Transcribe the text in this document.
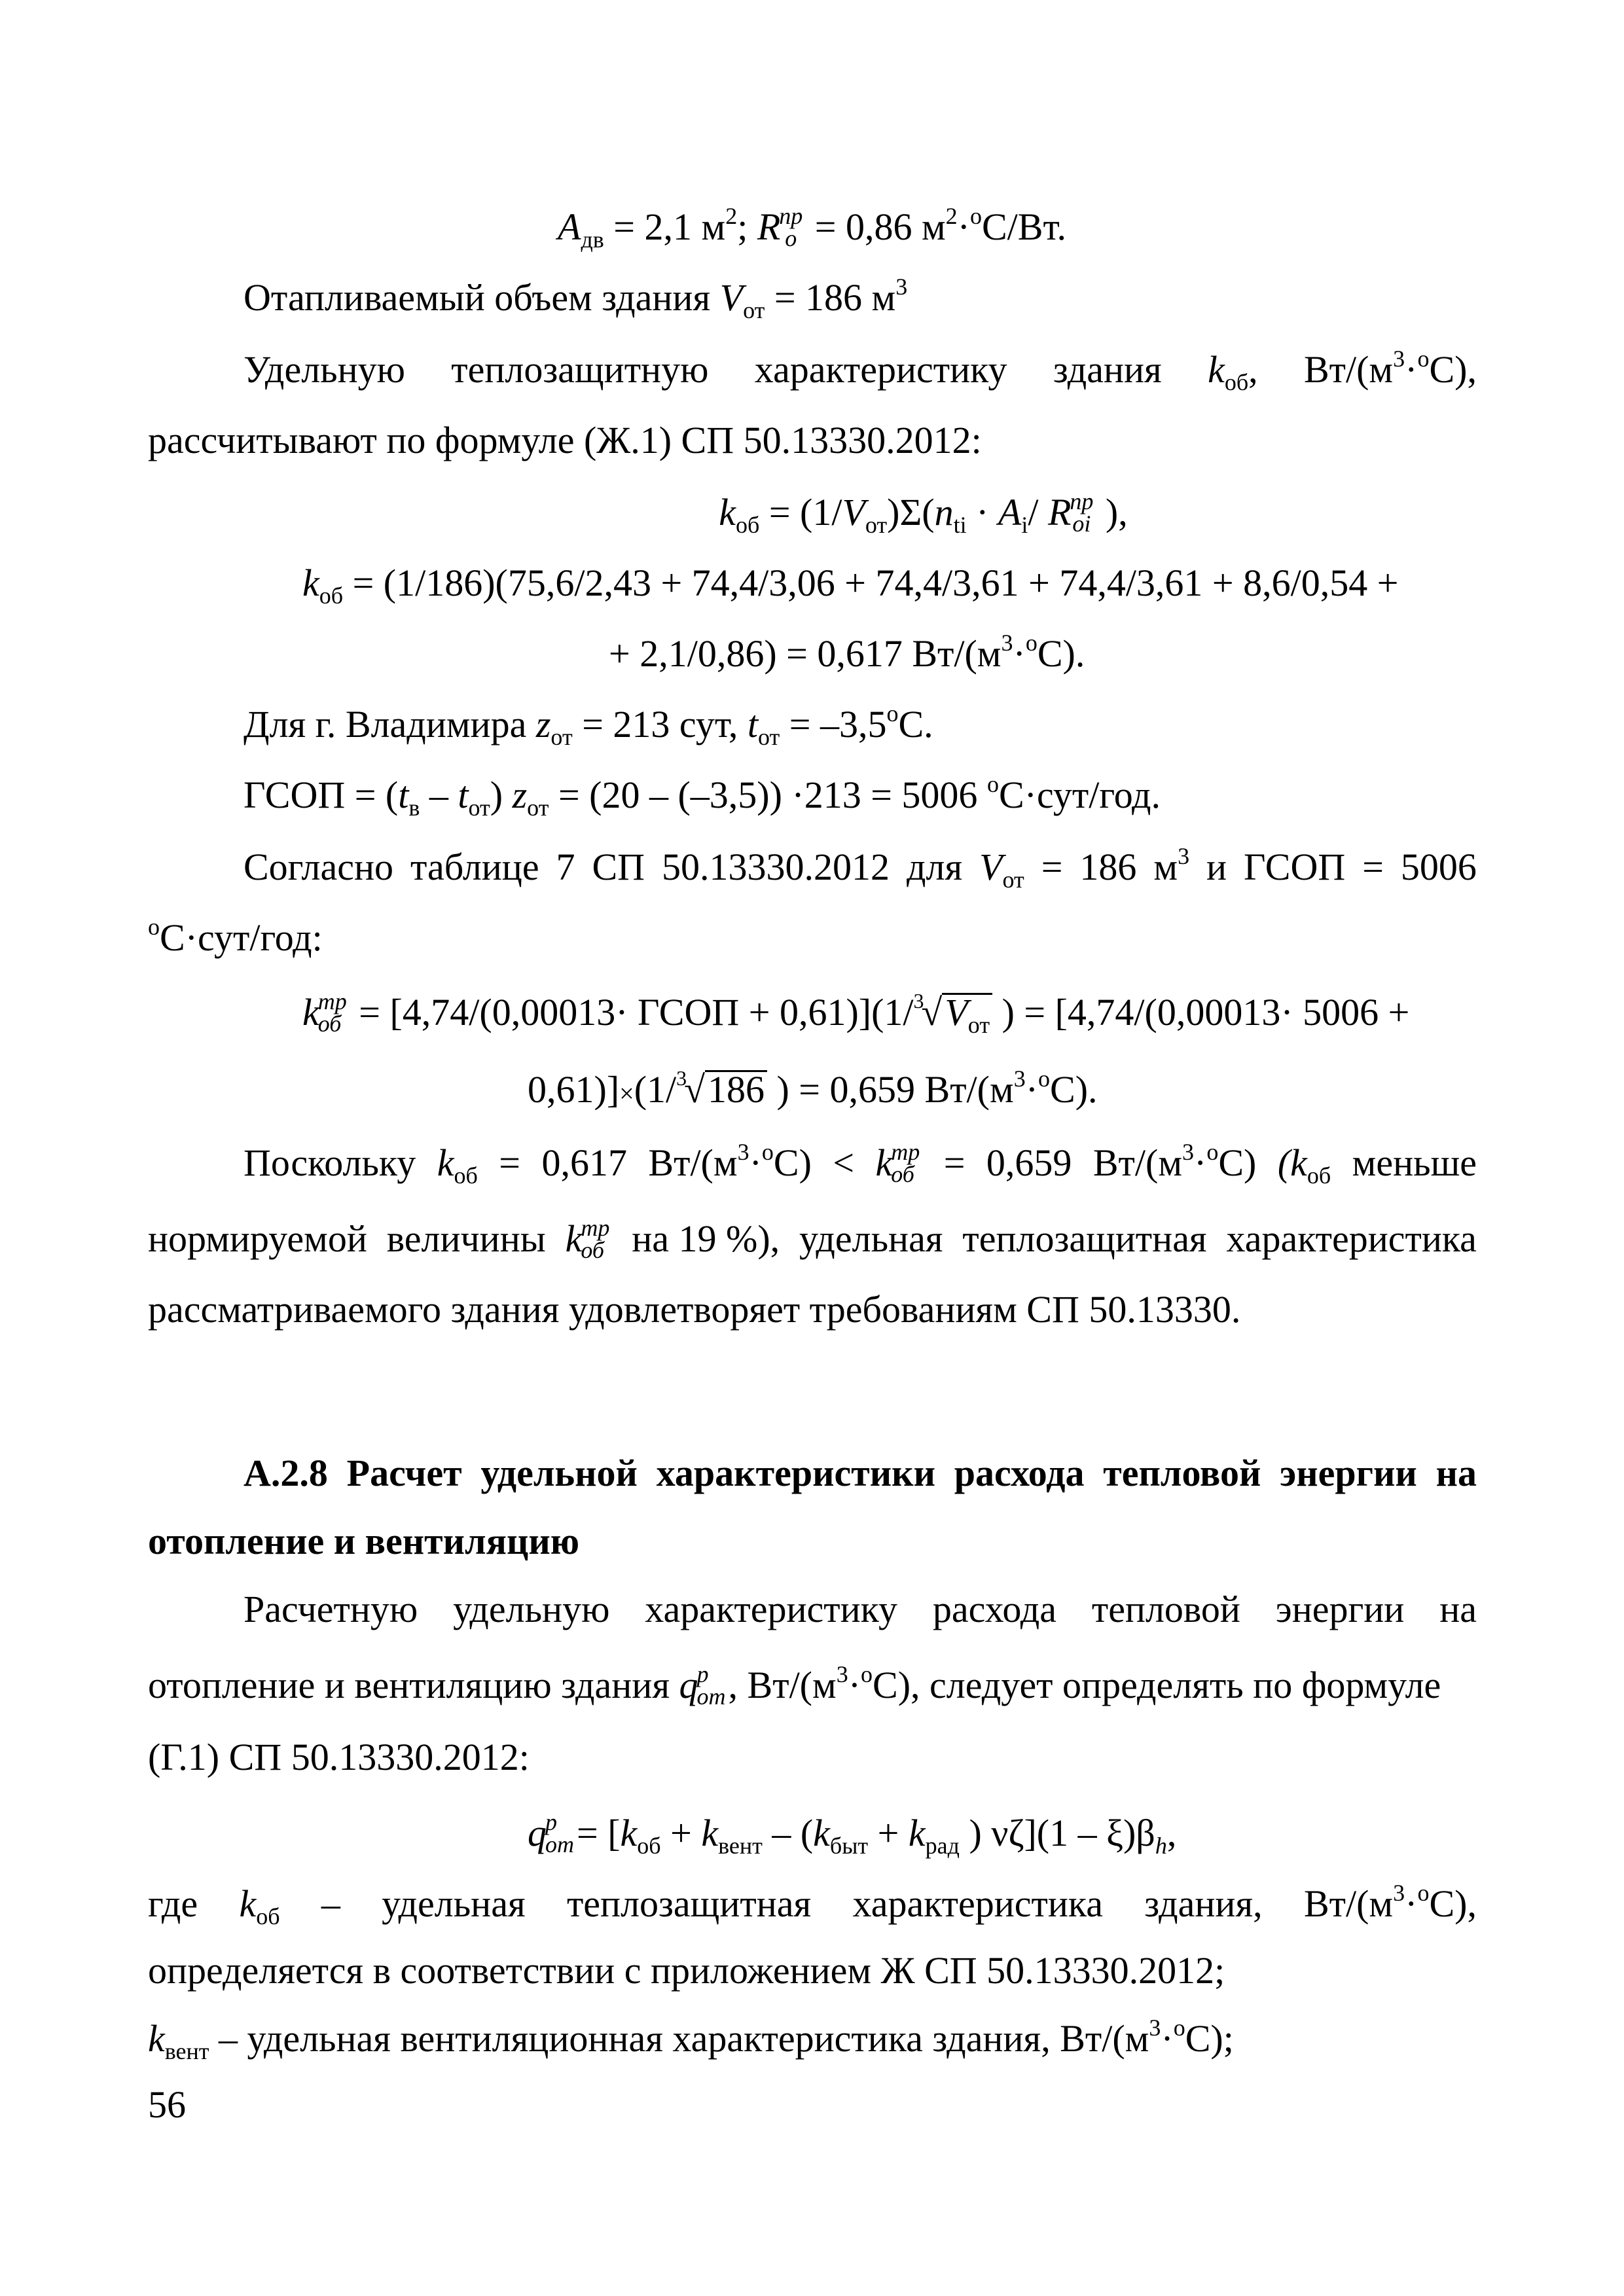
$А_{дв} = 2,1$ $м^2$; R
пр
о = 0,86 $м^2\cdot^оС/Вт$.
Отапливаемый объем здания $V_{от} = 186$ $м^3$
Удельную теплозащитную характеристику здания $k_{об}$, $Вт/(м^3\cdot^оС)$,
рассчитывают по формуле (Ж.1) СП 50.13330.2012:
$k_{об} = (1/V_{от})\Sigma(n_{ti} \cdot A_i/$ R
пр
oi ),
$k_{об} = (1/186)(75,6/2,43 + 74,4/3,06 + 74,4/3,61 + 74,4/3,61 + 8,6/0,54$ +
+ 2,1/0,86) = 0,617 $Вт/(м^3\cdot^оС)$.
Для г. Владимира $z_{от} = 213$ сут, $t_{от} = -3,5^оС$.
ГСОП = $(t_в - t_{от}) z_{от} = (20 - (-3,5)) \cdot 213 = 5006$ $^о$С·сут/год.
Согласно таблице 7 СП 50.13330.2012 для $V_{от} = 186$ $м^3$ и ГСОП = 5006
$^о$С·сут/год:
k
тр
об = [4,74/(0,00013· ГСОП + $0,61)](1/^3√V_{от}$ ) = [4,74/(0,00013· 5006 +
0,61)]×(1/$^3$√186 ) = 0,659 $Вт/(м^3\cdot^оС)$.
Поскольку $k_{об} = 0,617$ $Вт/(м^3\cdot^оС) < k$
тр
об = 0,659 $Вт/(м^3\cdot^оС)$ ($k_{об}$ меньше
нормируемой величины k
тр
об на 19 %), удельная теплозащитная характеристика
рассматриваемого здания удовлетворяет требованиям СП 50.13330.
А.2.8 Расчет удельной характеристики расхода тепловой энергии на
отопление и вентиляцию
Расчетную удельную характеристику расхода тепловой энергии на
отопление и вентиляцию здания q
р
от , $Вт/(м^3\cdot^оС)$, следует определять по формуле
(Г.1) СП 50.13330.2012:
q
р
от = [$k_{об} + k_{вент} - (k_{быт} + k_{рад}$ ) $\nu\zeta](1 - \xi)\beta_h$,
где $k_{об}$ – удельная теплозащитная характеристика здания, $Вт/(м^3\cdot^оС)$,
определяется в соответствии с приложением Ж СП 50.13330.2012;
$k_{вент}$ – удельная вентиляционная характеристика здания, $Вт/(м^3\cdot^оС)$;
56
